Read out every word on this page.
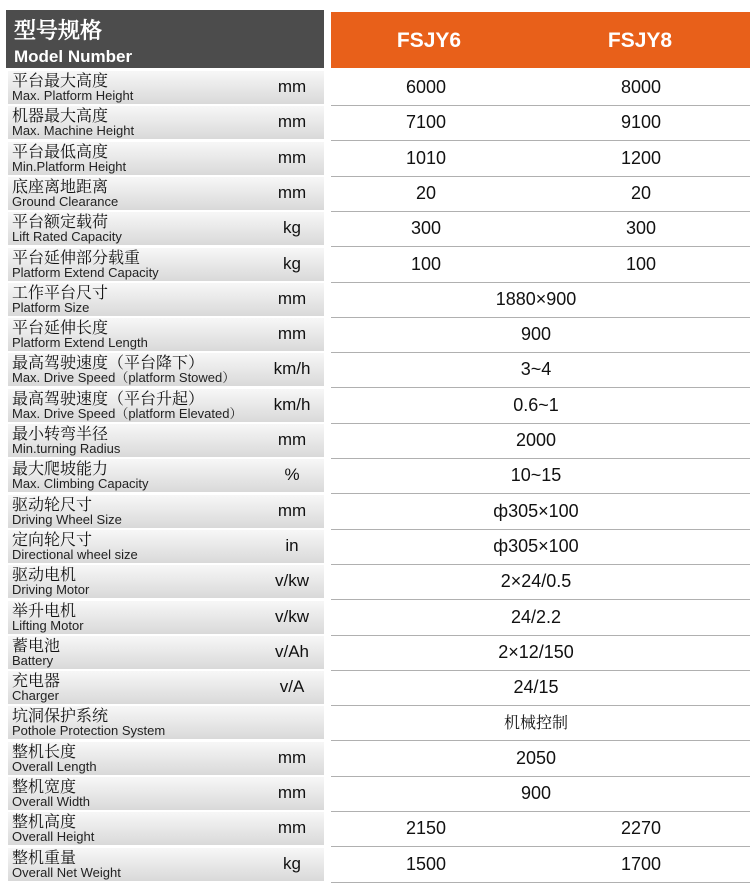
型号规格
Model Number
FSJY6	FSJY8
平台最大高度
Max. Platform Height	mm	6000	8000
机器最大高度
Max. Machine Height	mm	7100	9100
平台最低高度
Min.Platform Height	mm	1010	1200
底座离地距离
Ground Clearance	mm	20	20
平台额定载荷
Lift Rated Capacity	kg	300	300
平台延伸部分载重
Platform Extend Capacity	kg	100	100
工作平台尺寸
Platform Size	mm	1880×900
平台延伸长度
Platform Extend Length	mm	900
最高驾驶速度（平台降下）
Max. Drive Speed（platform Stowed）	km/h	3~4
最高驾驶速度（平台升起）
Max. Drive Speed（platform Elevated）	km/h	0.6~1
最小转弯半径
Min.turning Radius	mm	2000
最大爬坡能力
Max. Climbing Capacity	%	10~15
驱动轮尺寸
Driving Wheel Size	mm	ф305×100
定向轮尺寸
Directional wheel size	in	ф305×100
驱动电机
Driving Motor	v/kw	2×24/0.5
举升电机
Lifting Motor	v/kw	24/2.2
蓄电池
Battery	v/Ah	2×12/150
充电器
Charger	v/A	24/15
坑洞保护系统
Pothole Protection System	机械控制
整机长度
Overall Length	mm	2050
整机宽度
Overall Width	mm	900
整机高度
Overall Height	mm	2150	2270
整机重量
Overall Net Weight	kg	1500	1700
